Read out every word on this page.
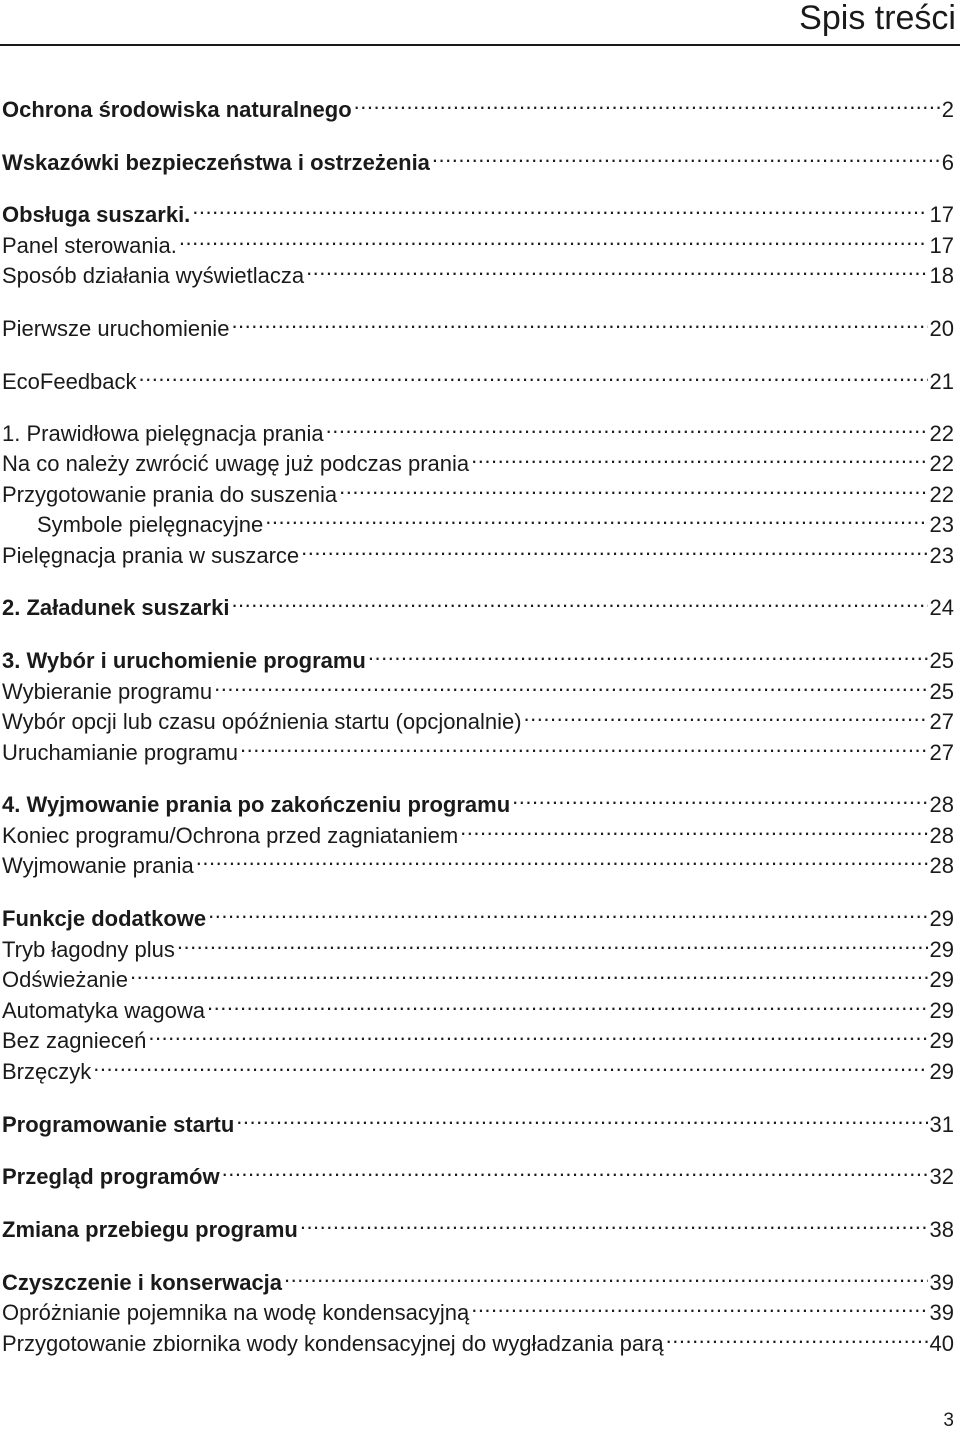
Spis treści
Ochrona środowiska naturalnego .....	2
Wskazówki bezpieczeństwa i ostrzeżenia .....	6
Obsługa suszarki. .....	17
Panel sterowania. .....	17
Sposób działania wyświetlacza .....	18
Pierwsze uruchomienie .....	20
EcoFeedback .....	21
1. Prawidłowa pielęgnacja prania .....	22
Na co należy zwrócić uwagę już podczas prania .....	22
Przygotowanie prania do suszenia .....	22
Symbole pielęgnacyjne .....	23
Pielęgnacja prania w suszarce .....	23
2. Załadunek suszarki .....	24
3. Wybór i uruchomienie programu .....	25
Wybieranie programu .....	25
Wybór opcji lub czasu opóźnienia startu (opcjonalnie) .....	27
Uruchamianie programu .....	27
4. Wyjmowanie prania po zakończeniu programu .....	28
Koniec programu/Ochrona przed zagniataniem .....	28
Wyjmowanie prania .....	28
Funkcje dodatkowe .....	29
Tryb łagodny plus .....	29
Odświeżanie .....	29
Automatyka wagowa .....	29
Bez zagnieceń .....	29
Brzęczyk .....	29
Programowanie startu .....	31
Przegląd programów .....	32
Zmiana przebiegu programu .....	38
Czyszczenie i konserwacja .....	39
Opróżnianie pojemnika na wodę kondensacyjną .....	39
Przygotowanie zbiornika wody kondensacyjnej do wygładzania parą .....	40
3
